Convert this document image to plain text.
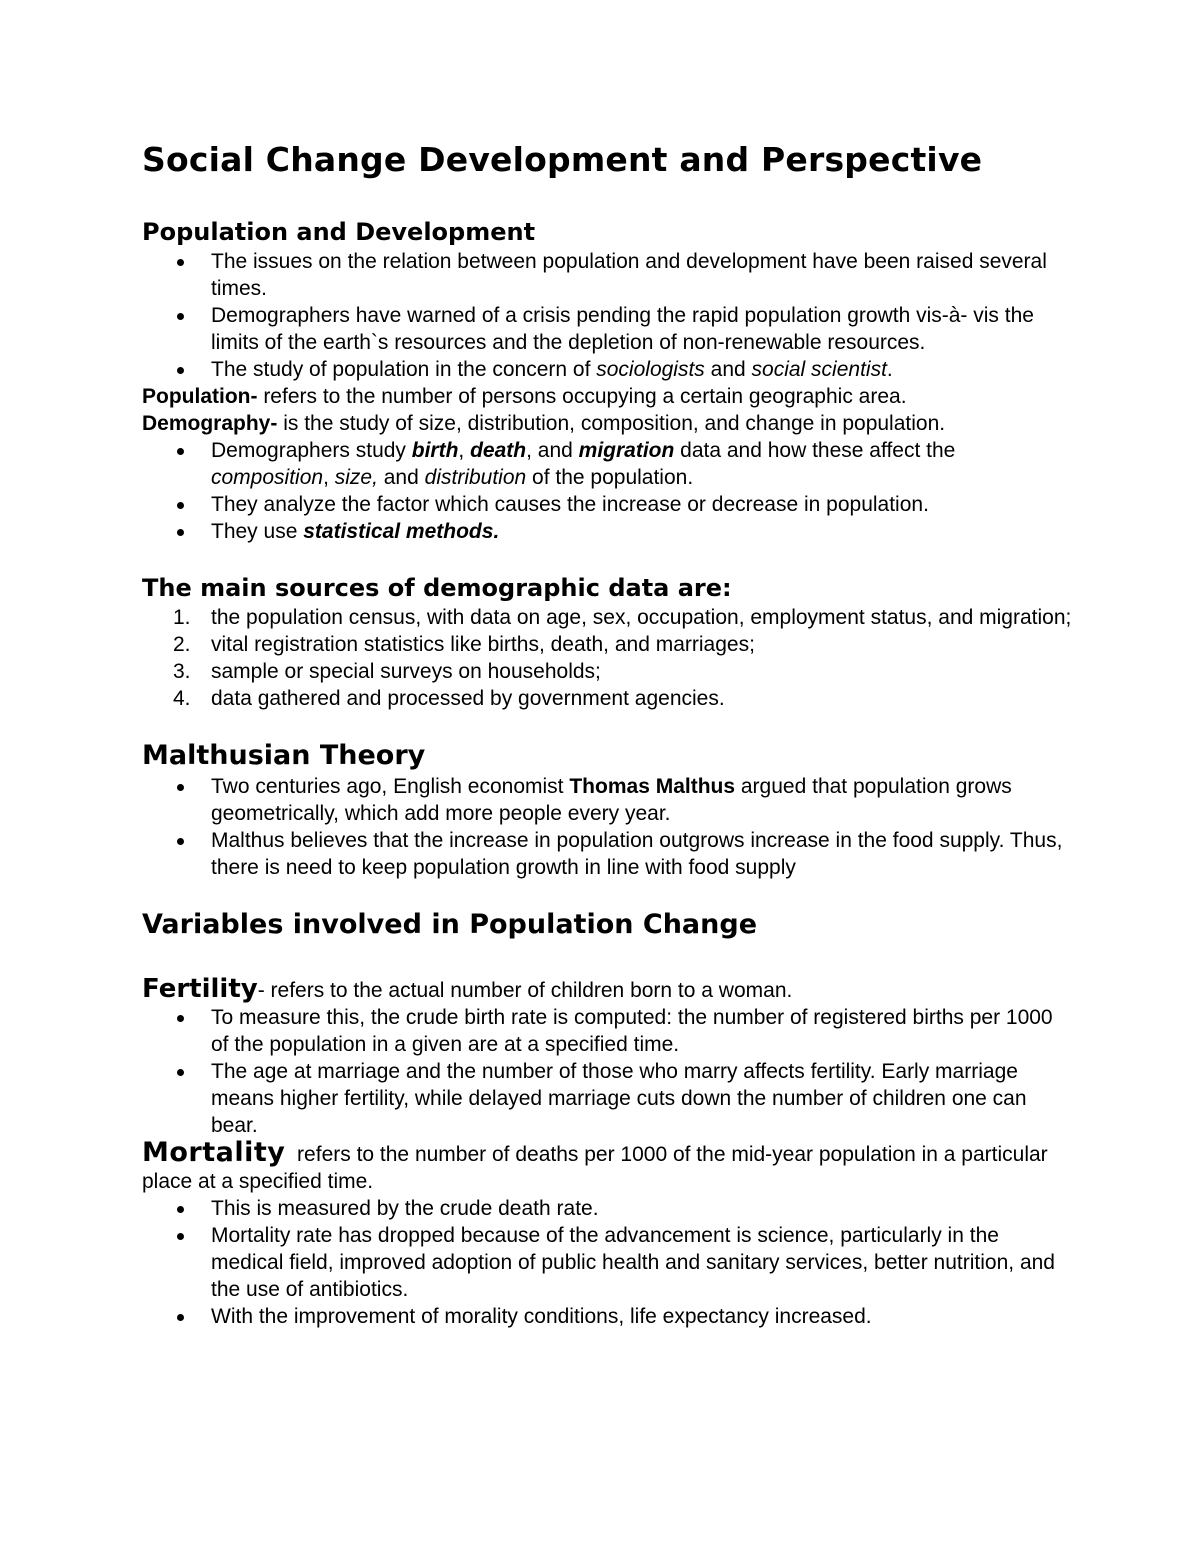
Social Change Development and Perspective
Population and Development
The issues on the relation between population and development have been raised several times.
Demographers have warned of a crisis pending the rapid population growth vis-à- vis the limits of the earth`s resources and the depletion of non-renewable resources.
The study of population in the concern of sociologists and social scientist.

Population- refers to the number of persons occupying a certain geographic area.

Demography- is the study of size, distribution, composition, and change in population.

Demographers study birth, death, and migration data and how these affect the composition, size, and distribution of the population.
They analyze the factor which causes the increase or decrease in population.
They use statistical methods.
The main sources of demographic data are:
1. the population census, with data on age, sex, occupation, employment status, and migration;
2. vital registration statistics like births, death, and marriages;
3. sample or special surveys on households;
4. data gathered and processed by government agencies.
Malthusian Theory
Two centuries ago, English economist Thomas Malthus argued that population grows geometrically, which add more people every year.
Malthus believes that the increase in population outgrows increase in the food supply. Thus, there is need to keep population growth in line with food supply
Variables involved in Population Change

Fertility- refers to the actual number of children born to a woman.

To measure this, the crude birth rate is computed: the number of registered births per 1000 of the population in a given are at a specified time.
The age at marriage and the number of those who marry affects fertility. Early marriage means higher fertility, while delayed marriage cuts down the number of children one can bear.

Mortality  refers to the number of deaths per 1000 of the mid-year population in a particular place at a specified time.

This is measured by the crude death rate.
Mortality rate has dropped because of the advancement is science, particularly in the medical field, improved adoption of public health and sanitary services, better nutrition, and the use of antibiotics.
With the improvement of morality conditions, life expectancy increased.
